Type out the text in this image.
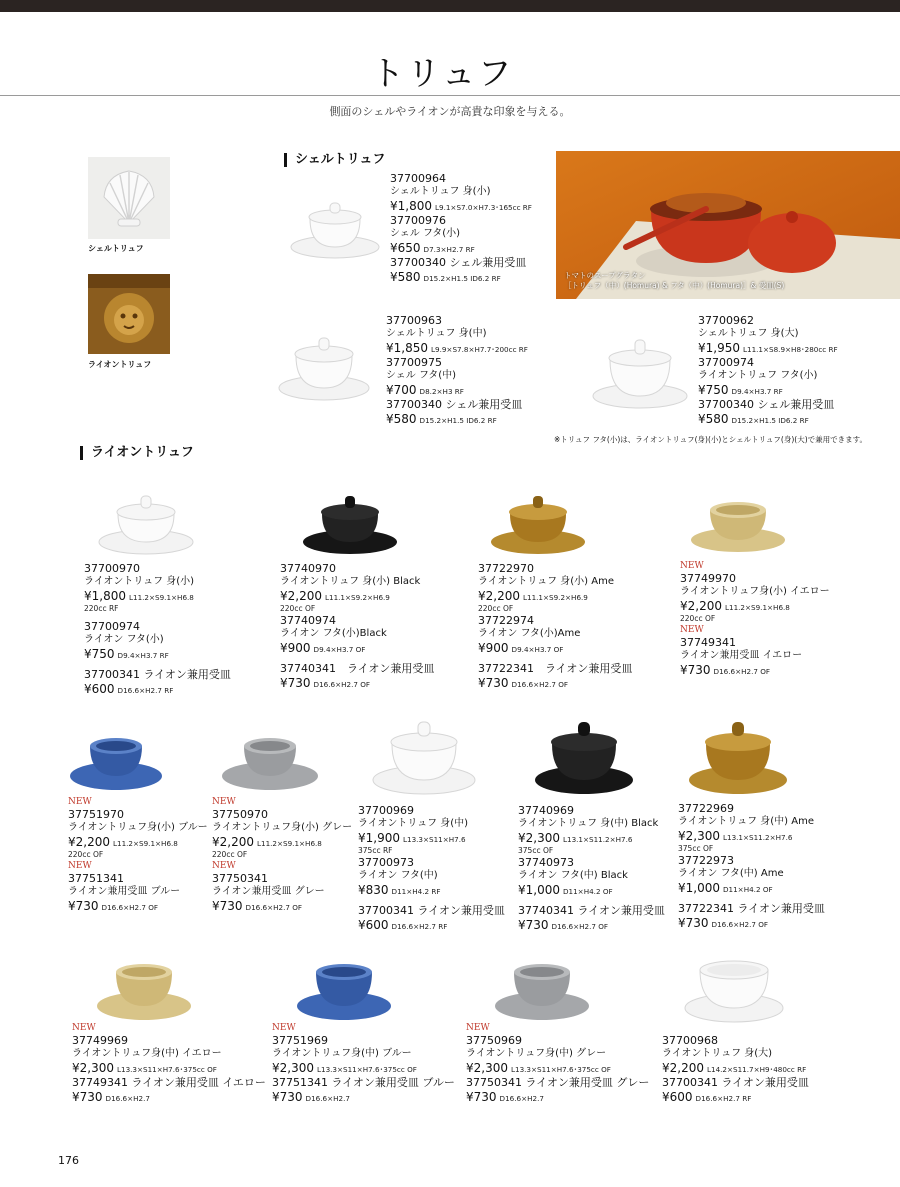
トリュフ
側面のシェルやライオンが高貴な印象を与える。
シェルトリュフ
ライオントリュフ
シェルトリュフ
トマトのスープグラタン
［トリュフ（中）(Homura) & フタ（中）(Homura)］& 受皿(S)
37700964
シェルトリュフ 身(小)
¥1,800 L9.1×S7.0×H7.3･165cc RF
37700976
シェル フタ(小)
¥650 D7.3×H2.7 RF
37700340 シェル兼用受皿
¥580 D15.2×H1.5 ID6.2 RF
37700963
シェルトリュフ 身(中)
¥1,850 L9.9×S7.8×H7.7･200cc RF
37700975
シェル フタ(中)
¥700 D8.2×H3 RF
37700340 シェル兼用受皿
¥580 D15.2×H1.5 ID6.2 RF
37700962
シェルトリュフ 身(大)
¥1,950 L11.1×S8.9×H8･280cc RF
37700974
ライオントリュフ フタ(小)
¥750 D9.4×H3.7 RF
37700340 シェル兼用受皿
¥580 D15.2×H1.5 ID6.2 RF
※トリュフ フタ(小)は、ライオントリュフ(身)(小)とシェルトリュフ(身)(大)で兼用できます。
ライオントリュフ
37700970
ライオントリュフ 身(小)
¥1,800 L11.2×S9.1×H6.8
220cc RF
37700974
ライオン フタ(小)
¥750 D9.4×H3.7 RF
37700341 ライオン兼用受皿
¥600 D16.6×H2.7 RF
37740970
ライオントリュフ 身(小) Black
¥2,200 L11.1×S9.2×H6.9
220cc OF
37740974
ライオン フタ(小)Black
¥900 D9.4×H3.7 OF
37740341　ライオン兼用受皿
¥730 D16.6×H2.7 OF
37722970
ライオントリュフ 身(小) Ame
¥2,200 L11.1×S9.2×H6.9
220cc OF
37722974
ライオン フタ(小)Ame
¥900 D9.4×H3.7 OF
37722341　ライオン兼用受皿
¥730 D16.6×H2.7 OF
NEW
37749970
ライオントリュフ身(小) イエロー
¥2,200 L11.2×S9.1×H6.8
220cc OF
NEW
37749341
ライオン兼用受皿 イエロー
¥730 D16.6×H2.7 OF
NEW
37751970
ライオントリュフ身(小) ブルー
¥2,200 L11.2×S9.1×H6.8
220cc OF
NEW
37751341
ライオン兼用受皿 ブルー
¥730 D16.6×H2.7 OF
NEW
37750970
ライオントリュフ身(小) グレー
¥2,200 L11.2×S9.1×H6.8
220cc OF
NEW
37750341
ライオン兼用受皿 グレー
¥730 D16.6×H2.7 OF
37700969
ライオントリュフ 身(中)
¥1,900 L13.3×S11×H7.6
375cc RF
37700973
ライオン フタ(中)
¥830 D11×H4.2 RF
37700341 ライオン兼用受皿
¥600 D16.6×H2.7 RF
37740969
ライオントリュフ 身(中) Black
¥2,300 L13.1×S11.2×H7.6
375cc OF
37740973
ライオン フタ(中) Black
¥1,000 D11×H4.2 OF
37740341 ライオン兼用受皿
¥730 D16.6×H2.7 OF
37722969
ライオントリュフ 身(中) Ame
¥2,300 L13.1×S11.2×H7.6
375cc OF
37722973
ライオン フタ(中) Ame
¥1,000 D11×H4.2 OF
37722341 ライオン兼用受皿
¥730 D16.6×H2.7 OF
NEW
37749969
ライオントリュフ身(中) イエロー
¥2,300 L13.3×S11×H7.6･375cc OF
37749341 ライオン兼用受皿 イエロー
¥730 D16.6×H2.7
NEW
37751969
ライオントリュフ身(中) ブルー
¥2,300 L13.3×S11×H7.6･375cc OF
37751341 ライオン兼用受皿 ブルー
¥730 D16.6×H2.7
NEW
37750969
ライオントリュフ身(中) グレー
¥2,300 L13.3×S11×H7.6･375cc OF
37750341 ライオン兼用受皿 グレー
¥730 D16.6×H2.7
37700968
ライオントリュフ 身(大)
¥2,200 L14.2×S11.7×H9･480cc RF
37700341 ライオン兼用受皿
¥600 D16.6×H2.7 RF
176
